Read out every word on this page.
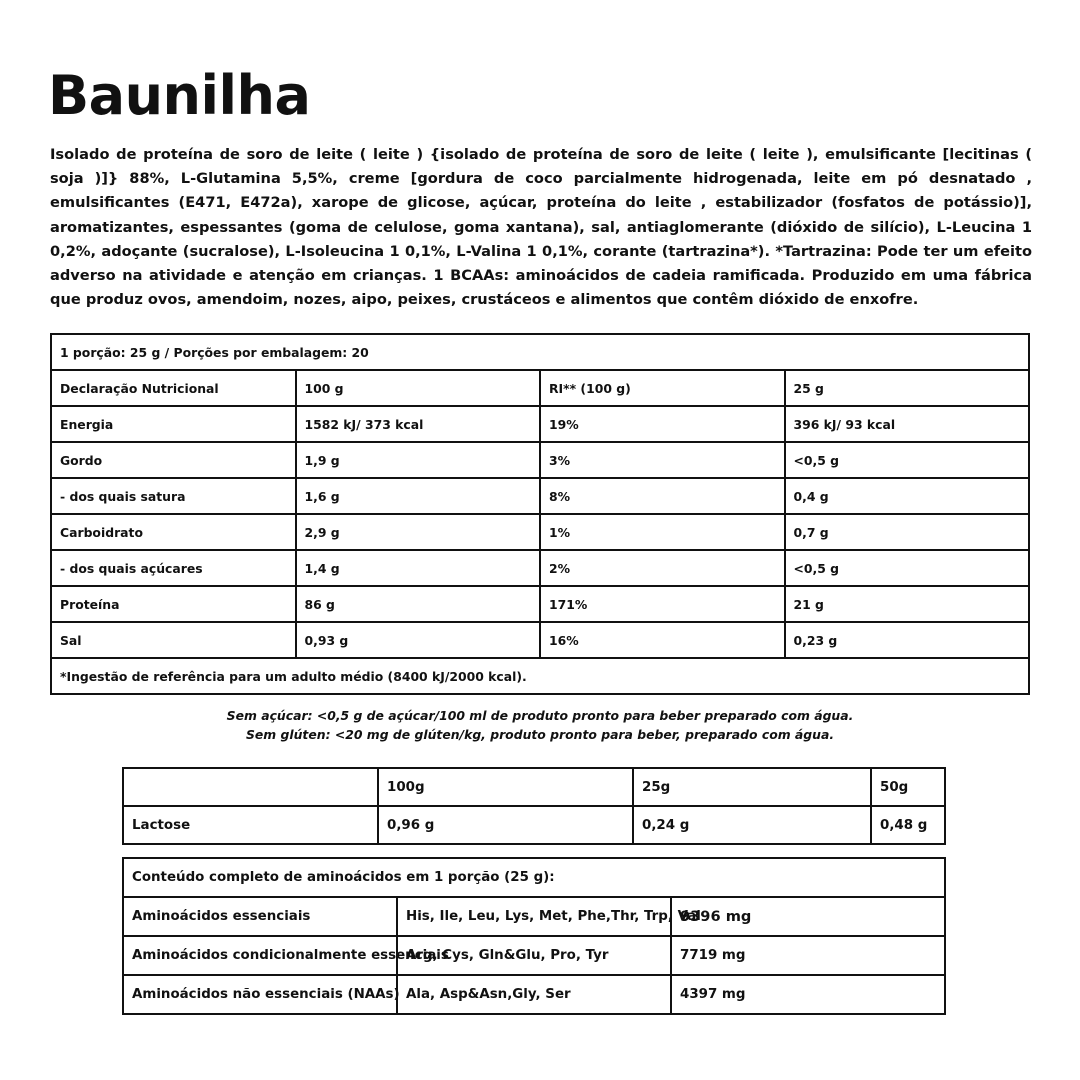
Baunilha

Isolado de proteína de soro de leite ( leite ) {isolado de proteína de soro de leite ( leite ), emulsificante [lecitinas ( soja )]} 88%, L-Glutamina 5,5%, creme [gordura de coco parcialmente hidrogenada, leite em pó desnatado , emulsificantes (E471, E472a), xarope de glicose, açúcar, proteína do leite , estabilizador (fosfatos de potássio)], aromatizantes, espessantes (goma de celulose, goma xantana), sal, antiaglomerante (dióxido de silício), L-Leucina 1 0,2%, adoçante (sucralose), L-Isoleucina 1 0,1%, L-Valina 1 0,1%, corante (tartrazina*). *Tartrazina: Pode ter um efeito adverso na atividade e atenção em crianças. 1 BCAAs: aminoácidos de cadeia ramificada. Produzido em uma fábrica que produz ovos, amendoim, nozes, aipo, peixes, crustáceos e alimentos que contêm dióxido de enxofre.

1 porção: 25 g / Porções por embalagem: 20			
Declaração Nutricional	100 g	RI** (100 g)	25 g
Energia	1582 kJ/ 373 kcal	19%	396 kJ/ 93 kcal
Gordo	1,9 g	3%	<0,5 g
- dos quais satura	1,6 g	8%	0,4 g
Carboidrato	2,9 g	1%	0,7 g
- dos quais açúcares	1,4 g	2%	<0,5 g
Proteína	86 g	171%	21 g
Sal	0,93 g	16%	0,23 g
*Ingestão de referência para um adulto médio (8400 kJ/2000 kcal).			
Sem açúcar: <0,5 g de açúcar/100 ml de produto pronto para beber preparado com água.
Sem glúten: <20 mg de glúten/kg, produto pronto para beber, preparado com água.
	100g	25g	50g
Lactose	0,96 g	0,24 g	0,48 g
Conteúdo completo de aminoácidos em 1 porção (25 g):		
Aminoácidos essenciais	His, Ile, Leu, Lys, Met, Phe,Thr, Trp, Val	9396 mg
Aminoácidos condicionalmente essenciais	Arg, Cys, Gln&Glu, Pro, Tyr	7719 mg
Aminoácidos não essenciais (NAAs)	Ala, Asp&Asn,Gly, Ser	4397 mg
